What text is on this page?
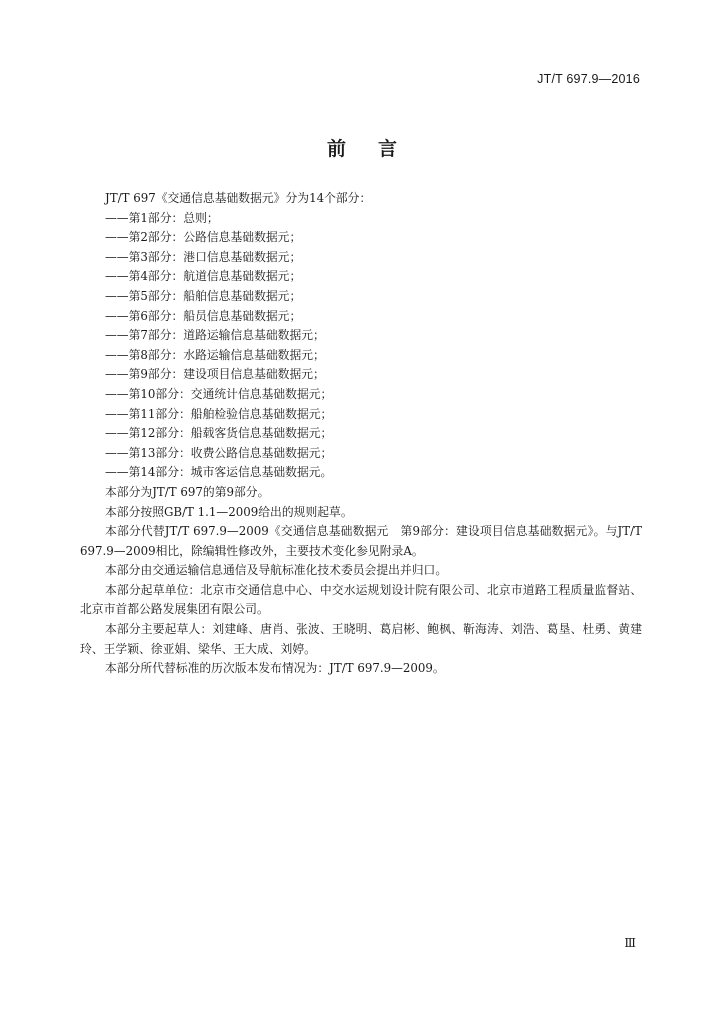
JT/T 697.9—2016
前言

JT/T 697《交通信息基础数据元》分为14个部分：

——第1部分：总则；

——第2部分：公路信息基础数据元；

——第3部分：港口信息基础数据元；

——第4部分：航道信息基础数据元；

——第5部分：船舶信息基础数据元；

——第6部分：船员信息基础数据元；

——第7部分：道路运输信息基础数据元；

——第8部分：水路运输信息基础数据元；

——第9部分：建设项目信息基础数据元；

——第10部分：交通统计信息基础数据元；

——第11部分：船舶检验信息基础数据元；

——第12部分：船载客货信息基础数据元；

——第13部分：收费公路信息基础数据元；

——第14部分：城市客运信息基础数据元。

本部分为JT/T 697的第9部分。

本部分按照GB/T 1.1—2009给出的规则起草。

本部分代替JT/T 697.9—2009《交通信息基础数据元　第9部分：建设项目信息基础数据元》。与JT/T 697.9—2009相比，除编辑性修改外，主要技术变化参见附录A。

本部分由交通运输信息通信及导航标准化技术委员会提出并归口。

本部分起草单位：北京市交通信息中心、中交水运规划设计院有限公司、北京市道路工程质量监督站、北京市首都公路发展集团有限公司。

本部分主要起草人：刘建峰、唐肖、张波、王晓明、葛启彬、鲍枫、靳海涛、刘浩、葛垦、杜勇、黄建玲、王学颖、徐亚娟、梁华、王大成、刘婷。

本部分所代替标准的历次版本发布情况为：JT/T 697.9—2009。

Ⅲ
